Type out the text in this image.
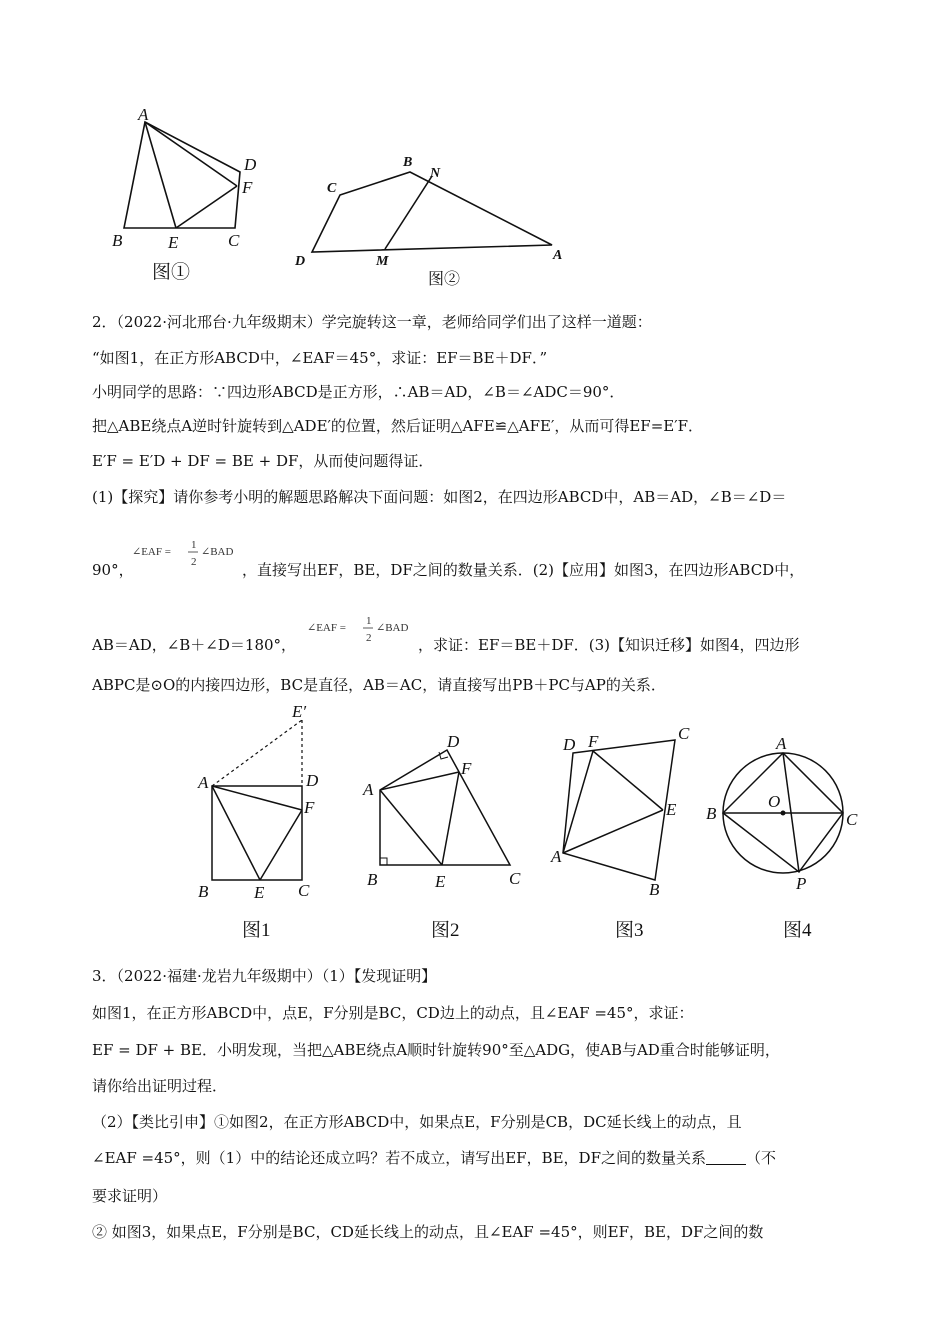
A
D
F
B	E	C
图①
B
N
C
D	M	A
图②
2．（2022·河北邢台·九年级期末）学完旋转这一章，老师给同学们出了这样一道题：
“如图1，在正方形ABCD中，∠EAF＝45°，求证：EF＝BE＋DF．”
小明同学的思路：∵四边形ABCD是正方形，∴AB＝AD，∠B＝∠ADC＝90°．
把△ABE绕点A逆时针旋转到△ADE′的位置，然后证明△AFE≌△AFE′，从而可得EF=E′F．
E′F = E′D + DF = BE + DF，从而使问题得证．
(1)【探究】请你参考小明的解题思路解决下面问题：如图2，在四边形ABCD中，AB＝AD，∠B＝∠D＝
90°，
∠EAF =
1
2
∠BAD
，直接写出EF，BE，DF之间的数量关系．(2)【应用】如图3，在四边形ABCD中，
AB＝AD，∠B＋∠D＝180°，
∠EAF =
1
2
∠BAD
，求证：EF＝BE＋DF．(3)【知识迁移】如图4，四边形
ABPC是⊙O的内接四边形，BC是直径，AB＝AC，请直接写出PB＋PC与AP的关系．
E′
A	D
F
B	E C
图1
D
A
F
B	E	C
图2
D F	C
E
A
B
图3
A
B
O
C
P
图4
3．（2022·福建·龙岩九年级期中）（1）【发现证明】
如图1，在正方形ABCD中，点E，F分别是BC，CD边上的动点，且∠EAF =45°，求证：
EF = DF + BE．小明发现，当把△ABE绕点A顺时针旋转90°至△ADG，使AB与AD重合时能够证明，
请你给出证明过程．
（2）【类比引申】①如图2，在正方形ABCD中，如果点E，F分别是CB，DC延长线上的动点，且
∠EAF =45°，则（1）中的结论还成立吗？若不成立，请写出EF，BE，DF之间的数量关系	（不
要求证明）
② 如图3，如果点E，F分别是BC，CD延长线上的动点，且∠EAF =45°，则EF，BE，DF之间的数
